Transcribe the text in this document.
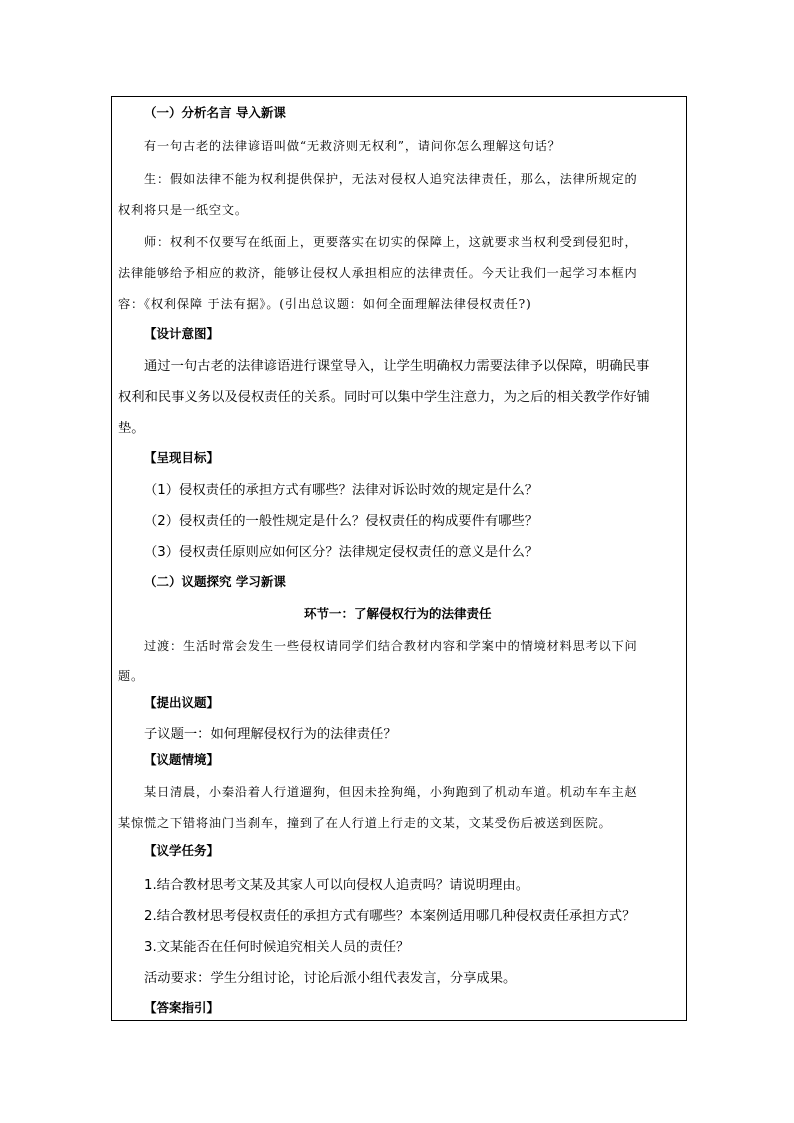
（一）分析名言 导入新课
有一句古老的法律谚语叫做“无救济则无权利”，请问你怎么理解这句话？
生：假如法律不能为权利提供保护，无法对侵权人追究法律责任，那么，法律所规定的
权利将只是一纸空文。
师：权利不仅要写在纸面上，更要落实在切实的保障上，这就要求当权利受到侵犯时，
法律能够给予相应的救济，能够让侵权人承担相应的法律责任。今天让我们一起学习本框内
容：《权利保障 于法有据》。(引出总议题：如何全面理解法律侵权责任?)
【设计意图】
通过一句古老的法律谚语进行课堂导入，让学生明确权力需要法律予以保障，明确民事
权利和民事义务以及侵权责任的关系。同时可以集中学生注意力，为之后的相关教学作好铺
垫。
【呈现目标】
（1）侵权责任的承担方式有哪些？法律对诉讼时效的规定是什么？
（2）侵权责任的一般性规定是什么？侵权责任的构成要件有哪些？
（3）侵权责任原则应如何区分？法律规定侵权责任的意义是什么？
（二）议题探究 学习新课
环节一：了解侵权行为的法律责任
过渡：生活时常会发生一些侵权请同学们结合教材内容和学案中的情境材料思考以下问
题。
【提出议题】
子议题一：如何理解侵权行为的法律责任？
【议题情境】
某日清晨，小秦沿着人行道遛狗，但因未拴狗绳，小狗跑到了机动车道。机动车车主赵
某惊慌之下错将油门当刹车，撞到了在人行道上行走的文某，文某受伤后被送到医院。
【议学任务】
1.结合教材思考文某及其家人可以向侵权人追责吗？请说明理由。
2.结合教材思考侵权责任的承担方式有哪些？本案例适用哪几种侵权责任承担方式？
3.文某能否在任何时候追究相关人员的责任？
活动要求：学生分组讨论，讨论后派小组代表发言，分享成果。
【答案指引】
